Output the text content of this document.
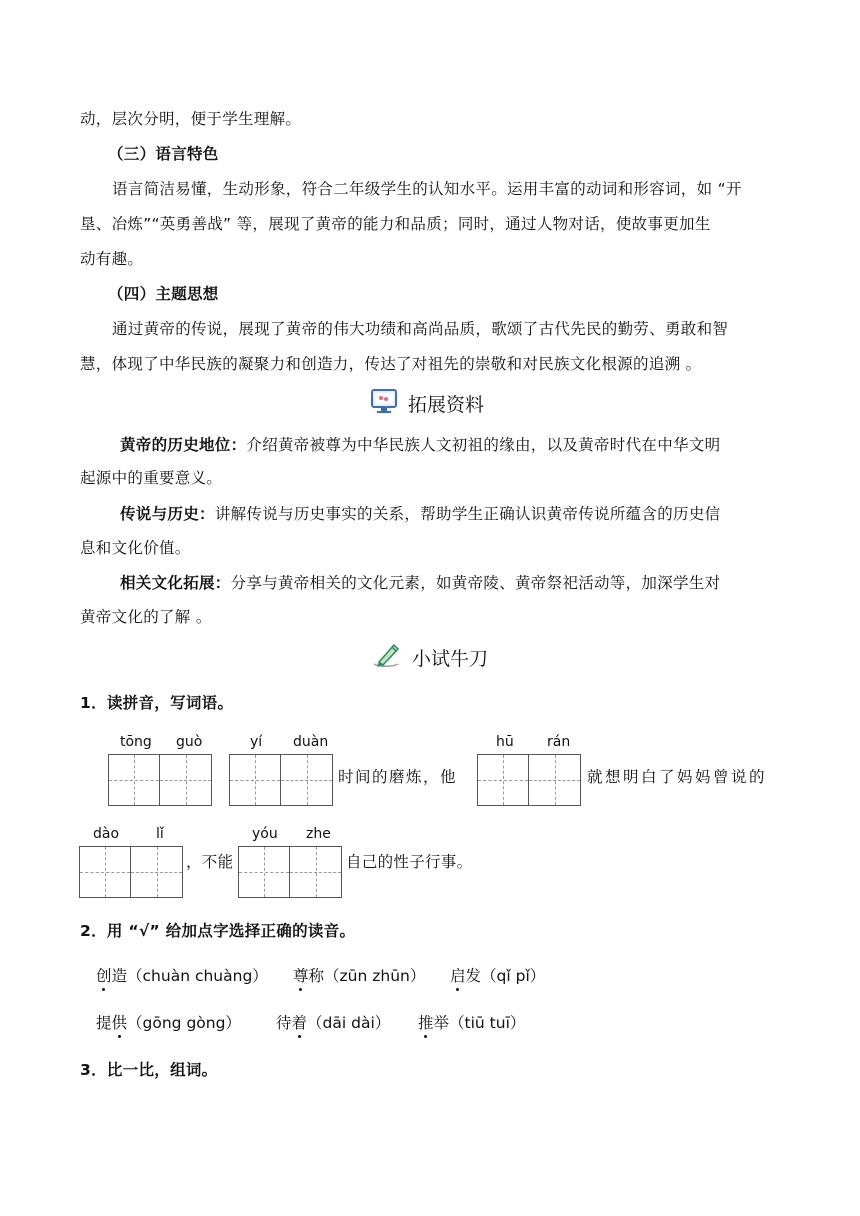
动，层次分明，便于学生理解。
（三）语言特色
语言简洁易懂，生动形象，符合二年级学生的认知水平。运用丰富的动词和形容词，如 “开
垦、冶炼”“英勇善战” 等，展现了黄帝的能力和品质；同时，通过人物对话，使故事更加生
动有趣。
（四）主题思想
通过黄帝的传说，展现了黄帝的伟大功绩和高尚品质，歌颂了古代先民的勤劳、勇敢和智
慧，体现了中华民族的凝聚力和创造力，传达了对祖先的崇敬和对民族文化根源的追溯 。
拓展资料
黄帝的历史地位：介绍黄帝被尊为中华民族人文初祖的缘由，以及黄帝时代在中华文明
起源中的重要意义。
传说与历史：讲解传说与历史事实的关系，帮助学生正确认识黄帝传说所蕴含的历史信
息和文化价值。
相关文化拓展：分享与黄帝相关的文化元素，如黄帝陵、黄帝祭祀活动等，加深学生对
黄帝文化的了解 。
小试牛刀
1．读拼音，写词语。
tōng guò	yí duàn	hū rán
时间的磨炼，他	就想明白了妈妈曾说的
dào	lǐ	yóu zhe
，不能	自己的性子行事。
2．用 “√” 给加点字选择正确的读音。
创造（chuàn chuàng） 尊称（zūn zhūn） 启发（qǐ pǐ）
提供（gōng gòng） 待着（dāi dài） 推举（tiū tuī）
3．比一比，组词。
